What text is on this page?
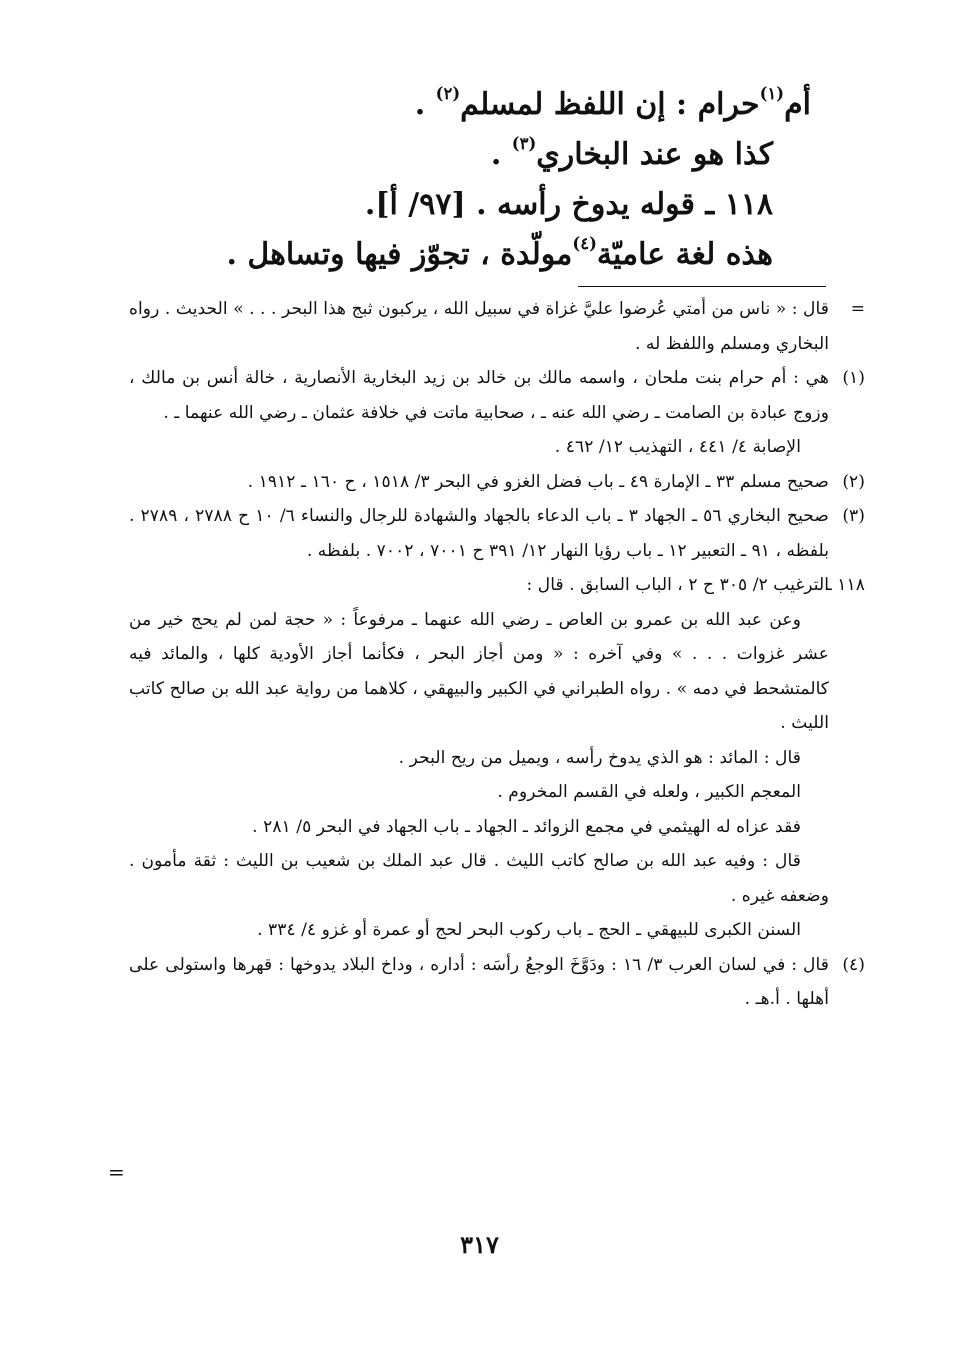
أم$^{(١)}$حرام : إن اللفظ لمسلم$^{(٢)}$ .
كذا هو عند البخاري$^{(٣)}$ .
١١٨ ـ قوله يدوخ رأسه . [٩٧/ أ].
هذه لغة عاميّة$^{(٤)}$مولّدة ، تجوّز فيها وتساهل .
=
قال : « ناس من أمتي عُرضوا عليَّ غزاة في سبيل الله ، يركبون ثبج هذا البحر . . . » الحديث . رواه البخاري ومسلم واللفظ له .
(١)
هي : أم حرام بنت ملحان ، واسمه مالك بن خالد بن زيد البخارية الأنصارية ، خالة أنس بن مالك ، وزوج عبادة بن الصامت ـ رضي الله عنه ـ ، صحابية ماتت في خلافة عثمان ـ رضي الله عنهما ـ .
الإصابة ٤/ ٤٤١ ، التهذيب ١٢/ ٤٦٢ .
(٢)
صحيح مسلم ٣٣ ـ الإمارة ٤٩ ـ باب فضل الغزو في البحر ٣/ ١٥١٨ ، ح ١٦٠ ـ ١٩١٢ .
(٣)
صحيح البخاري ٥٦ ـ الجهاد ٣ ـ باب الدعاء بالجهاد والشهادة للرجال والنساء ٦/ ١٠ ح ٢٧٨٨ ، ٢٧٨٩ . بلفظه ، ٩١ ـ التعبير ١٢ ـ باب رؤيا النهار ١٢/ ٣٩١ ح ٧٠٠١ ، ٧٠٠٢ . بلفظه .
١١٨ ـ
الترغيب ٢/ ٣٠٥ ح ٢ ، الباب السابق . قال :
وعن عبد الله بن عمرو بن العاص ـ رضي الله عنهما ـ مرفوعاً : « حجة لمن لم يحج خير من عشر غزوات . . . » وفي آخره : « ومن أجاز البحر ، فكأنما أجاز الأودية كلها ، والمائد فيه كالمتشحط في دمه » . رواه الطبراني في الكبير والبيهقي ، كلاهما من رواية عبد الله بن صالح كاتب الليث .
قال : المائد : هو الذي يدوخ رأسه ، ويميل من ريح البحر .
المعجم الكبير ، ولعله في القسم المخروم .
فقد عزاه له الهيثمي في مجمع الزوائد ـ الجهاد ـ باب الجهاد في البحر ٥/ ٢٨١ .
قال : وفيه عبد الله بن صالح كاتب الليث . قال عبد الملك بن شعيب بن الليث : ثقة مأمون . وضعفه غيره .
السنن الكبرى للبيهقي ـ الحج ـ باب ركوب البحر لحج أو عمرة أو غزو ٤/ ٣٣٤ .
(٤)
قال : في لسان العرب ٣/ ١٦ : ودَوَّخَ الوجعُ رأسَه : أداره ، وداخ البلاد يدوخها : قهرها واستولى على أهلها . أ.هـ .
=
٣١٧
